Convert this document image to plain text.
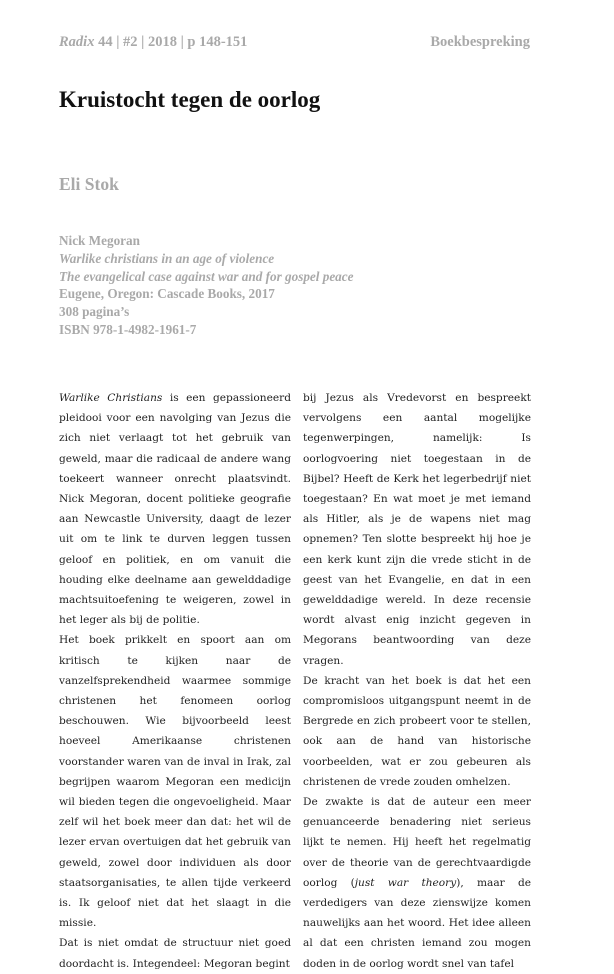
Radix 44 | #2 | 2018 | p 148-151	Boekbespreking
Kruistocht tegen de oorlog
Eli Stok
Nick Megoran
Warlike christians in an age of violence
The evangelical case against war and for gospel peace
Eugene, Oregon: Cascade Books, 2017
308 pagina’s
ISBN 978-1-4982-1961-7

Warlike Christians is een gepassioneerd pleidooi voor een navolging van Jezus die zich niet verlaagt tot het gebruik van geweld, maar die radicaal de andere wang toekeert wanneer onrecht plaatsvindt. Nick Megoran, docent politieke geografie aan Newcastle University, daagt de lezer uit om te link te durven leggen tussen geloof en politiek, en om vanuit die houding elke deelname aan gewelddadige machtsuitoefening te weigeren, zowel in het leger als bij de politie.

Het boek prikkelt en spoort aan om kritisch te kijken naar de vanzelfsprekendheid waarmee sommige christenen het fenomeen oorlog beschouwen. Wie bijvoorbeeld leest hoeveel Amerikaanse christenen voorstander waren van de inval in Irak, zal begrijpen waarom Megoran een medicijn wil bieden tegen die ongevoeligheid. Maar zelf wil het boek meer dan dat: het wil de lezer ervan overtuigen dat het gebruik van geweld, zowel door individuen als door staatsorganisaties, te allen tijde verkeerd is. Ik geloof niet dat het slaagt in die missie.

Dat is niet omdat de structuur niet goed doordacht is. Integendeel: Megoran begint

bij Jezus als Vredevorst en bespreekt vervolgens een aantal mogelijke tegenwerpingen, namelijk: Is oorlogvoering niet toegestaan in de Bijbel? Heeft de Kerk het legerbedrijf niet toegestaan? En wat moet je met iemand als Hitler, als je de wapens niet mag opnemen? Ten slotte bespreekt hij hoe je een kerk kunt zijn die vrede sticht in de geest van het Evangelie, en dat in een gewelddadige wereld. In deze recensie wordt alvast enig inzicht gegeven in Megorans beantwoording van deze vragen.

De kracht van het boek is dat het een compromisloos uitgangspunt neemt in de Bergrede en zich probeert voor te stellen, ook aan de hand van historische voorbeelden, wat er zou gebeuren als christenen de vrede zouden omhelzen.

De zwakte is dat de auteur een meer genuanceerde benadering niet serieus lijkt te nemen. Hij heeft het regelmatig over de theorie van de gerechtvaardigde oorlog (just war theory), maar de verdedigers van deze zienswijze komen nauwelijks aan het woord. Het idee alleen al dat een christen iemand zou mogen doden in de oorlog wordt snel van tafel
